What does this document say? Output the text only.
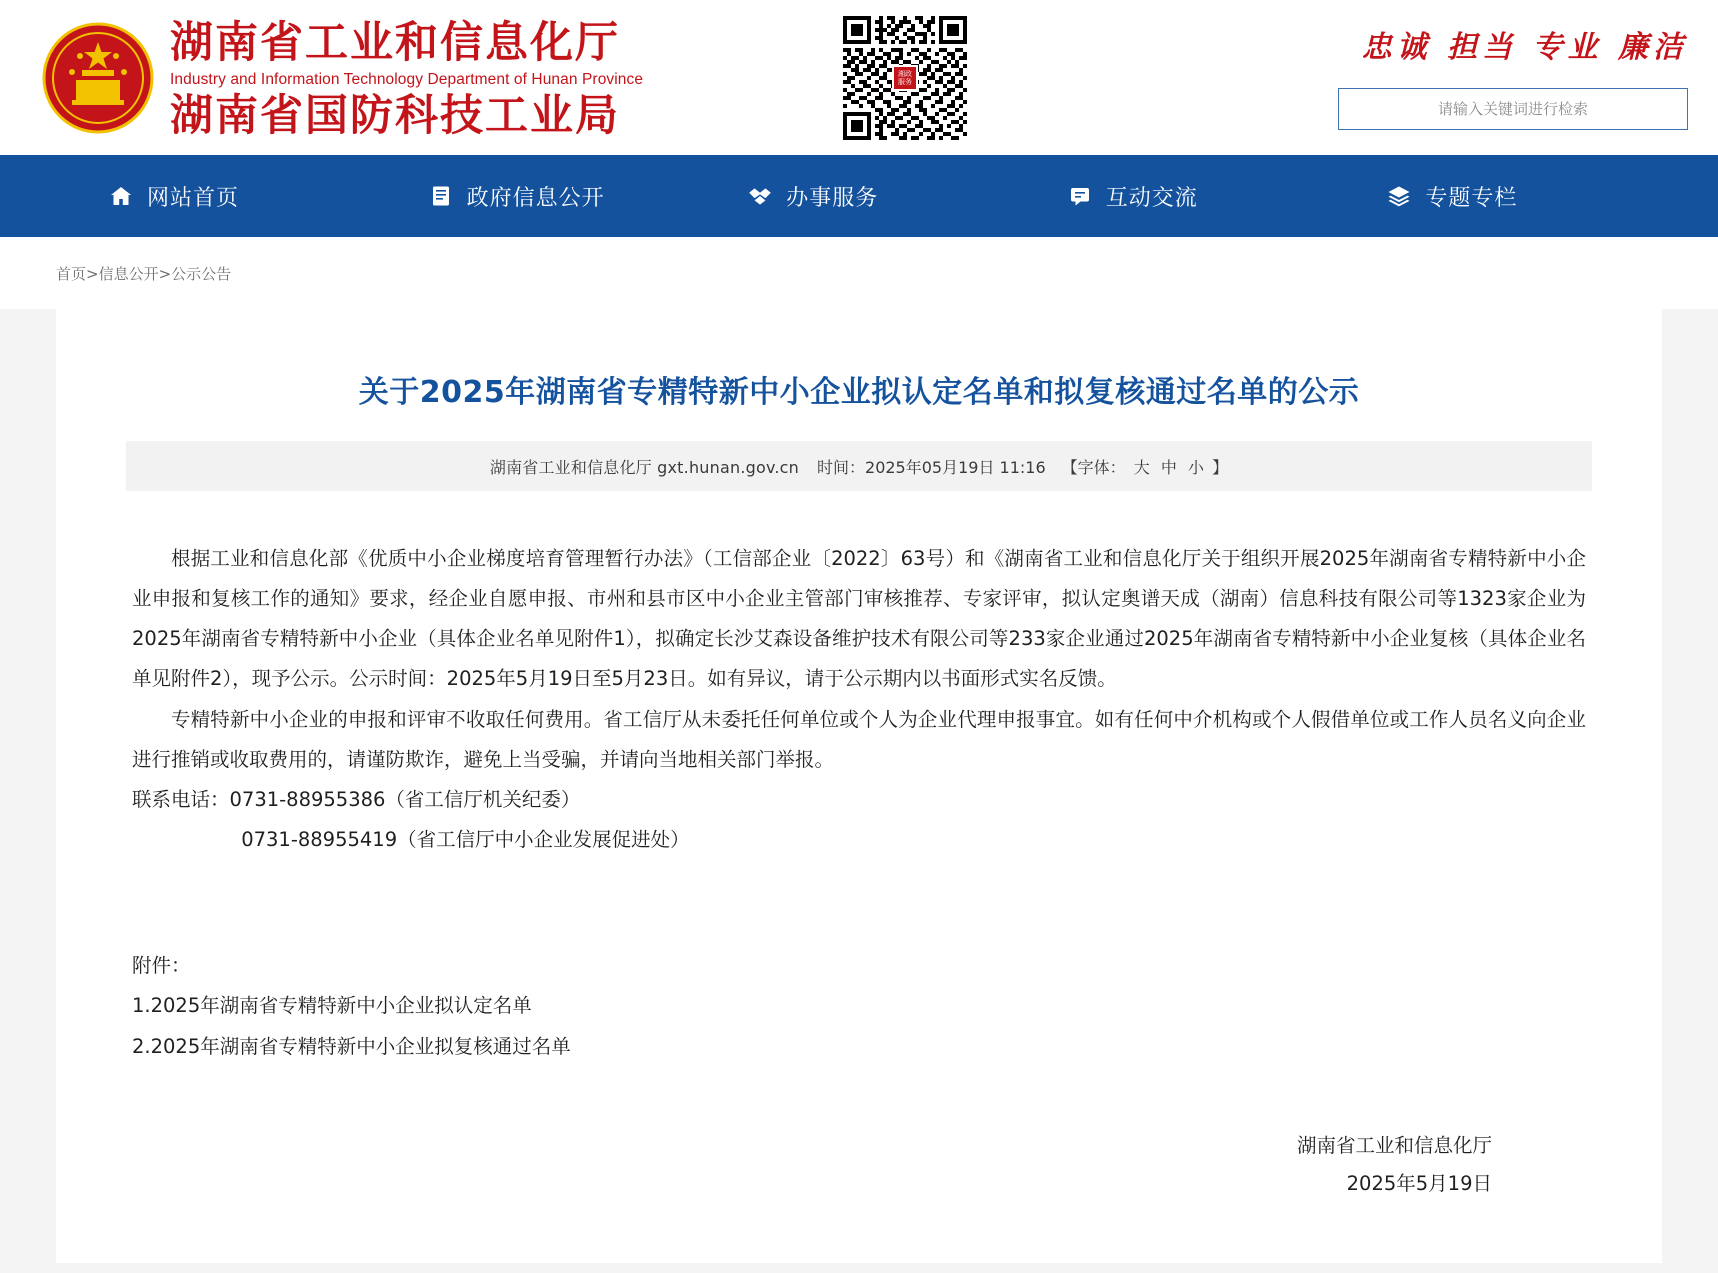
湖南省工业和信息化厅
Industry and Information Technology Department of Hunan Province
湖南省国防科技工业局
湘政
服务
忠诚 担当 专业 廉洁
请输入关键词进行检索
网站首页	政府信息公开	办事服务	互动交流	专题专栏
首页>信息公开>公示公告
关于2025年湖南省专精特新中小企业拟认定名单和拟复核通过名单的公示
湖南省工业和信息化厅 gxt.hunan.gov.cn 时间： 2025年05月19日 11:16 【字体： 大 中 小 】

根据工业和信息化部《优质中小企业梯度培育管理暂行办法》（工信部企业〔2022〕63号）和《湖南省工业和信息化厅关于组织开展2025年湖南省专精特新中小企业申报和复核工作的通知》要求，经企业自愿申报、市州和县市区中小企业主管部门审核推荐、专家评审，拟认定奥谱天成（湖南）信息科技有限公司等1323家企业为2025年湖南省专精特新中小企业（具体企业名单见附件1），拟确定长沙艾森设备维护技术有限公司等233家企业通过2025年湖南省专精特新中小企业复核（具体企业名单见附件2），现予公示。公示时间：2025年5月19日至5月23日。如有异议，请于公示期内以书面形式实名反馈。

专精特新中小企业的申报和评审不收取任何费用。省工信厅从未委托任何单位或个人为企业代理申报事宜。如有任何中介机构或个人假借单位或工作人员名义向企业进行推销或收取费用的，请谨防欺诈，避免上当受骗，并请向当地相关部门举报。

联系电话：0731-88955386（省工信厅机关纪委）

0731-88955419（省工信厅中小企业发展促进处）

附件：

1.2025年湖南省专精特新中小企业拟认定名单

2.2025年湖南省专精特新中小企业拟复核通过名单

湖南省工业和信息化厅
2025年5月19日
